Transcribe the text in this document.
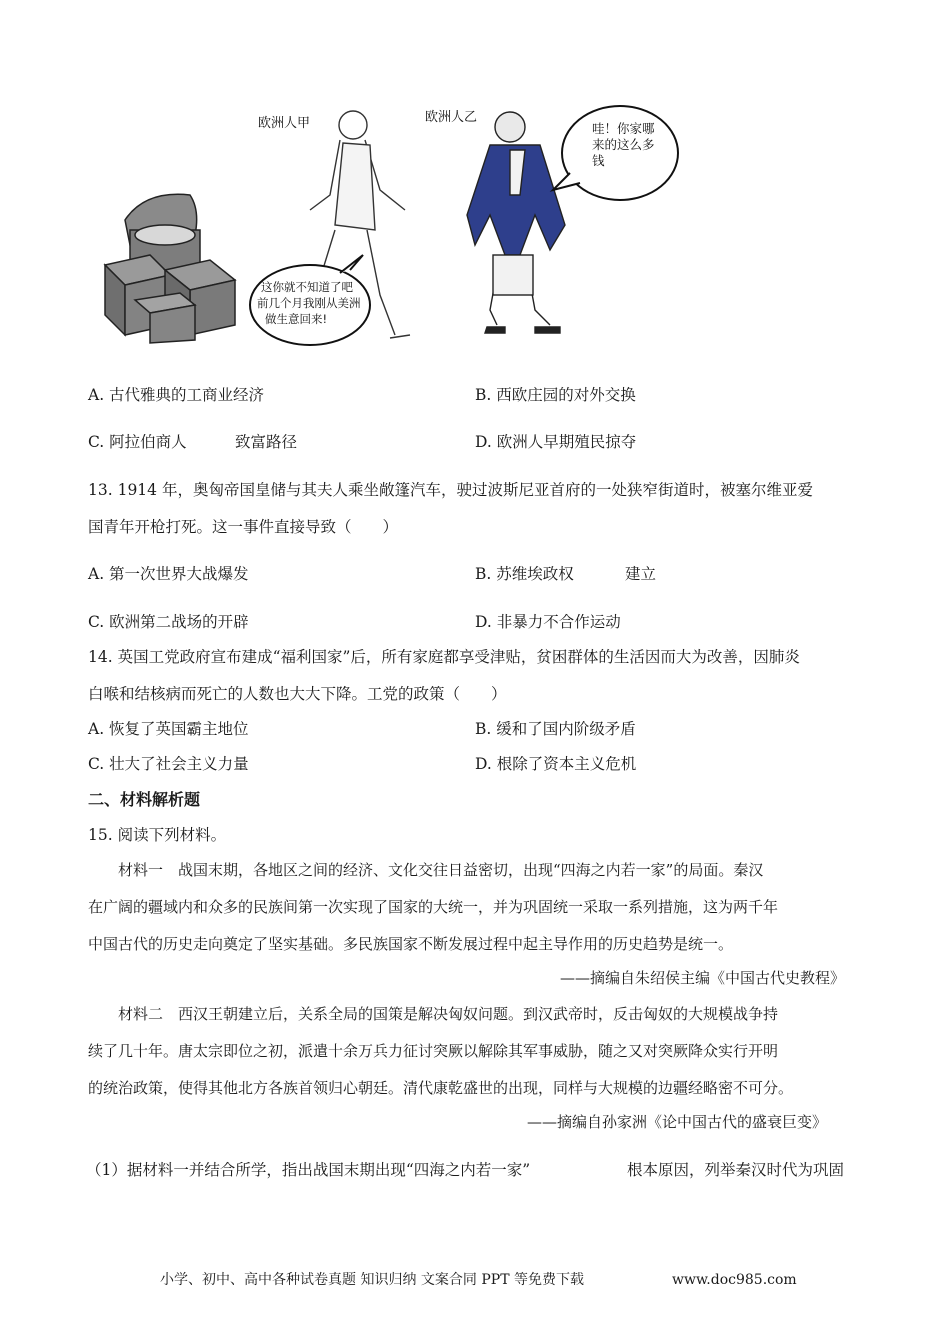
欧洲人甲	欧洲人乙
哇！你家哪
来的这么多
钱
这你就不知道了吧
前几个月我刚从美洲
做生意回来!
A. 古代雅典的工商业经济	B. 西欧庄园的对外交换
C. 阿拉伯商人	致富路径	D. 欧洲人早期殖民掠夺
13. 1914 年，奥匈帝国皇储与其夫人乘坐敞篷汽车，驶过波斯尼亚首府的一处狭窄街道时，被塞尔维亚爱
国青年开枪打死。这一事件直接导致（　　）
A. 第一次世界大战爆发	B. 苏维埃政权	建立
C. 欧洲第二战场的开辟	D. 非暴力不合作运动
14. 英国工党政府宣布建成“福利国家”后，所有家庭都享受津贴，贫困群体的生活因而大为改善，因肺炎
白喉和结核病而死亡的人数也大大下降。工党的政策（　　）
A. 恢复了英国霸主地位	B. 缓和了国内阶级矛盾
C. 壮大了社会主义力量	D. 根除了资本主义危机
二、材料解析题
15. 阅读下列材料。
材料一　战国末期，各地区之间的经济、文化交往日益密切，出现“四海之内若一家”的局面。秦汉
在广阔的疆域内和众多的民族间第一次实现了国家的大统一，并为巩固统一采取一系列措施，这为两千年
中国古代的历史走向奠定了坚实基础。多民族国家不断发展过程中起主导作用的历史趋势是统一。
——摘编自朱绍侯主编《中国古代史教程》
材料二　西汉王朝建立后，关系全局的国策是解决匈奴问题。到汉武帝时，反击匈奴的大规模战争持
续了几十年。唐太宗即位之初，派遣十余万兵力征讨突厥以解除其军事威胁，随之又对突厥降众实行开明
的统治政策，使得其他北方各族首领归心朝廷。清代康乾盛世的出现，同样与大规模的边疆经略密不可分。
——摘编自孙家洲《论中国古代的盛衰巨变》
（1）据材料一并结合所学，指出战国末期出现“四海之内若一家”	根本原因，列举秦汉时代为巩固
小学、初中、高中各种试卷真题 知识归纳 文案合同 PPT 等免费下载	www.doc985.com
